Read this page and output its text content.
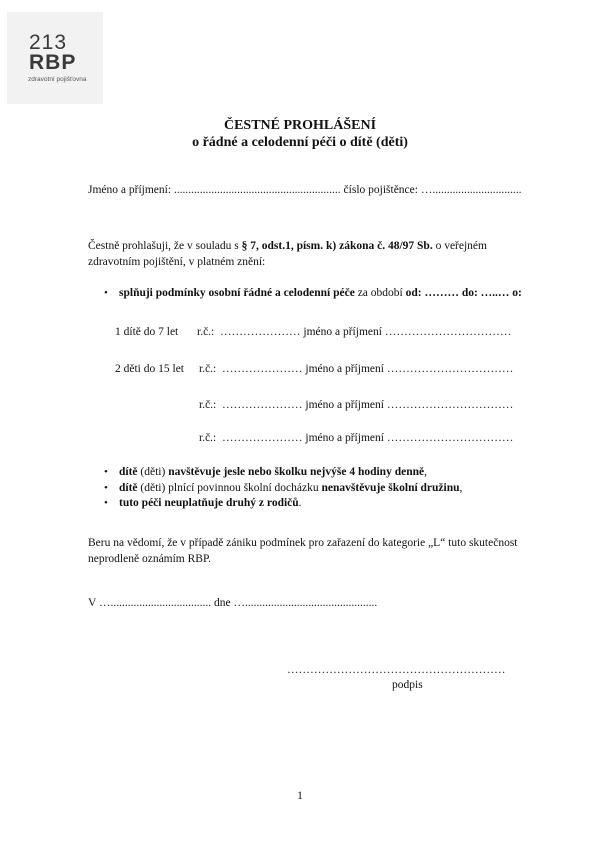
213
RBP
zdravotní pojišťovna
ČESTNÉ PROHLÁŠENÍ
o řádné a celodenní péči o dítě (děti)
Jméno a příjmení: .......................................................... číslo pojištěnce: …...............................
Čestně prohlašuji, že v souladu s § 7, odst.1, písm. k) zákona č. 48/97 Sb. o veřejném
zdravotním pojištění, v platném znění:
• splňuji podmínky osobní řádné a celodenní péče za období od: ……… do: …..… o:
1 dítě do 7 let r.č.: ………………… jméno a příjmení ……………………………
2 děti do 15 let r.č.: ………………… jméno a příjmení ……………………………
r.č.: ………………… jméno a příjmení ……………………………
r.č.: ………………… jméno a příjmení ……………………………
• dítě (děti) navštěvuje jesle nebo školku nejvýše 4 hodiny denně,
• dítě (děti) plnící povinnou školní docházku nenavštěvuje školní družinu,
• tuto péči neuplatňuje druhý z rodičů.
Beru na vědomí, že v případě zániku podmínek pro zařazení do kategorie „L“ tuto skutečnost
neprodleně oznámím RBP.
V …................................... dne …..............................................
…………………………………………………
podpis
1
